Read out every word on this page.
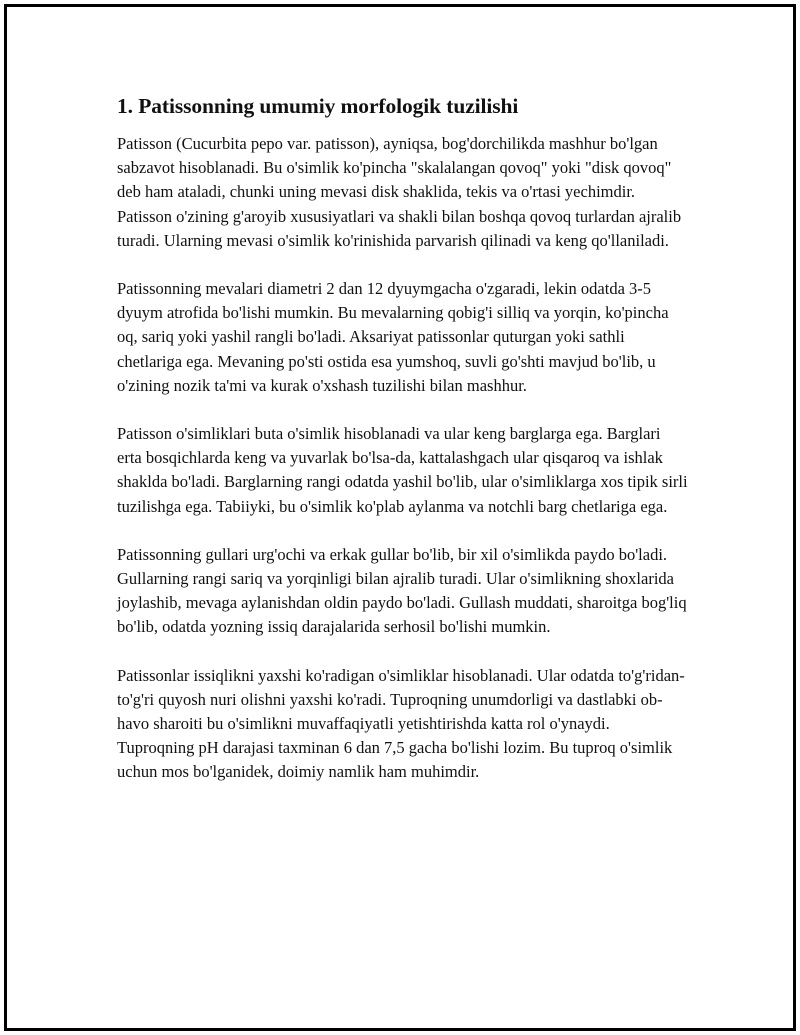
1. Patissonning umumiy morfologik tuzilishi

Patisson (Cucurbita pepo var. patisson), ayniqsa, bog'dorchilikda mashhur bo'lgan sabzavot hisoblanadi. Bu o'simlik ko'pincha "skalalangan qovoq" yoki "disk qovoq" deb ham ataladi, chunki uning mevasi disk shaklida, tekis va o'rtasi yechimdir. Patisson o'zining g'aroyib xususiyatlari va shakli bilan boshqa qovoq turlardan ajralib turadi. Ularning mevasi o'simlik ko'rinishida parvarish qilinadi va keng qo'llaniladi.

Patissonning mevalari diametri 2 dan 12 dyuymgacha o'zgaradi, lekin odatda 3-5 dyuym atrofida bo'lishi mumkin. Bu mevalarning qobig'i silliq va yorqin, ko'pincha oq, sariq yoki yashil rangli bo'ladi. Aksariyat patissonlar quturgan yoki sathli chetlariga ega. Mevaning po'sti ostida esa yumshoq, suvli go'shti mavjud bo'lib, u o'zining nozik ta'mi va kurak o'xshash tuzilishi bilan mashhur.

Patisson o'simliklari buta o'simlik hisoblanadi va ular keng barglarga ega. Barglari erta bosqichlarda keng va yuvarlak bo'lsa-da, kattalashgach ular qisqaroq va ishlak shaklda bo'ladi. Barglarning rangi odatda yashil bo'lib, ular o'simliklarga xos tipik sirli tuzilishga ega. Tabiiyki, bu o'simlik ko'plab aylanma va notchli barg chetlariga ega.

Patissonning gullari urg'ochi va erkak gullar bo'lib, bir xil o'simlikda paydo bo'ladi. Gullarning rangi sariq va yorqinligi bilan ajralib turadi. Ular o'simlikning shoxlarida joylashib, mevaga aylanishdan oldin paydo bo'ladi. Gullash muddati, sharoitga bog'liq bo'lib, odatda yozning issiq darajalarida serhosil bo'lishi mumkin.

Patissonlar issiqlikni yaxshi ko'radigan o'simliklar hisoblanadi. Ular odatda to'g'ridan-to'g'ri quyosh nuri olishni yaxshi ko'radi. Tuproqning unumdorligi va dastlabki ob-havo sharoiti bu o'simlikni muvaffaqiyatli yetishtirishda katta rol o'ynaydi. Tuproqning pH darajasi taxminan 6 dan 7,5 gacha bo'lishi lozim. Bu tuproq o'simlik uchun mos bo'lganidek, doimiy namlik ham muhimdir.
